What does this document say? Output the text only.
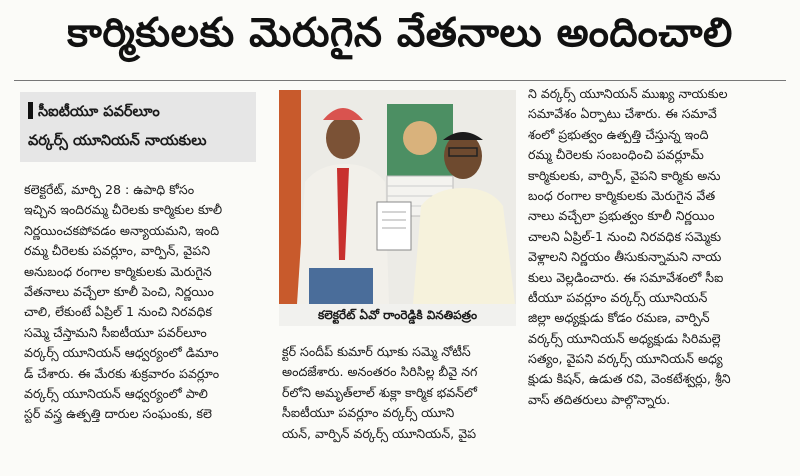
కార్మికులకు మెరుగైన వేతనాలు అందించాలి
సీఐటీయూ పవర్‌లూం
వర్కర్స్ యూనియన్ నాయకులు
కలెక్టరేట్, మార్చి 28 : ఉపాధి కోసం
ఇచ్చిన ఇందిరమ్మ చీరెలకు కార్మికుల కూలీ
నిర్ణయించకపోవడం అన్యాయమని, ఇంది
రమ్మ చీరెలకు పవర్లూం, వార్పిన్, వైపని
అనుబంధ రంగాల కార్మికులకు మెరుగైన
వేతనాలు వచ్చేలా కూలీ పెంచి, నిర్ణయిం
చాలి, లేకుంటే ఏప్రిల్ 1 నుంచి నిరవధిక
సమ్మె చేస్తామని సీఐటీయూ పవర్‌లూం
వర్కర్స్ యూనియన్ ఆధ్వర్యంలో డిమాం
డ్ చేశారు. ఈ మేరకు శుక్రవారం పవర్లూం
వర్కర్స్ యూనియన్ ఆధ్వర్యంలో పాలి
స్టర్ వస్త్ర ఉత్పత్తి దారుల సంఘంకు, కలె
కలెక్టరేట్ ఏవో రాంరెడ్డికి వినతిపత్రం
క్టర్ సందీప్ కుమార్ ఝాకు సమ్మె నోటీస్
అందజేశారు. అనంతరం సిరిసిల్ల బీవై నగ
ర్‌లోని అమృత్‌లాల్ శుక్లా కార్మిక భవన్‌లో
సీఐటీయూ పవర్లూం వర్కర్స్ యూని
యన్, వార్పిన్ వర్కర్స్ యూనియన్, వైప
ని వర్కర్స్ యూనియన్ ముఖ్య నాయకుల
సమావేశం ఏర్పాటు చేశారు. ఈ సమావే
శంలో ప్రభుత్వం ఉత్పత్తి చేస్తున్న ఇంది
రమ్మ చీరెలకు సంబంధించి పవర్లూమ్
కార్మికులకు, వార్పిన్, వైపని కార్మికు అను
బంధ రంగాల కార్మికులకు మెరుగైన వేత
నాలు వచ్చేలా ప్రభుత్వం కూలీ నిర్ణయిం
చాలని ఏప్రిల్-1 నుంచి నిరవధిక సమ్మెకు
వెళ్లాలని నిర్ణయం తీసుకున్నామని నాయ
కులు వెల్లడించారు. ఈ సమావేశంలో సీఐ
టీయూ పవర్లూం వర్కర్స్ యూనియన్
జిల్లా అధ్యక్షుడు కోడం రమణ, వార్పిన్
వర్కర్స్ యూనియన్ అధ్యక్షుడు సిరిమల్లె
సత్యం, వైపని వర్కర్స్ యూనియన్ అధ్య
క్షుడు కిషన్, ఉడుత రవి, వెంకటేశ్వర్లు, శ్రీని
వాస్ తదితరులు పాల్గొన్నారు.
